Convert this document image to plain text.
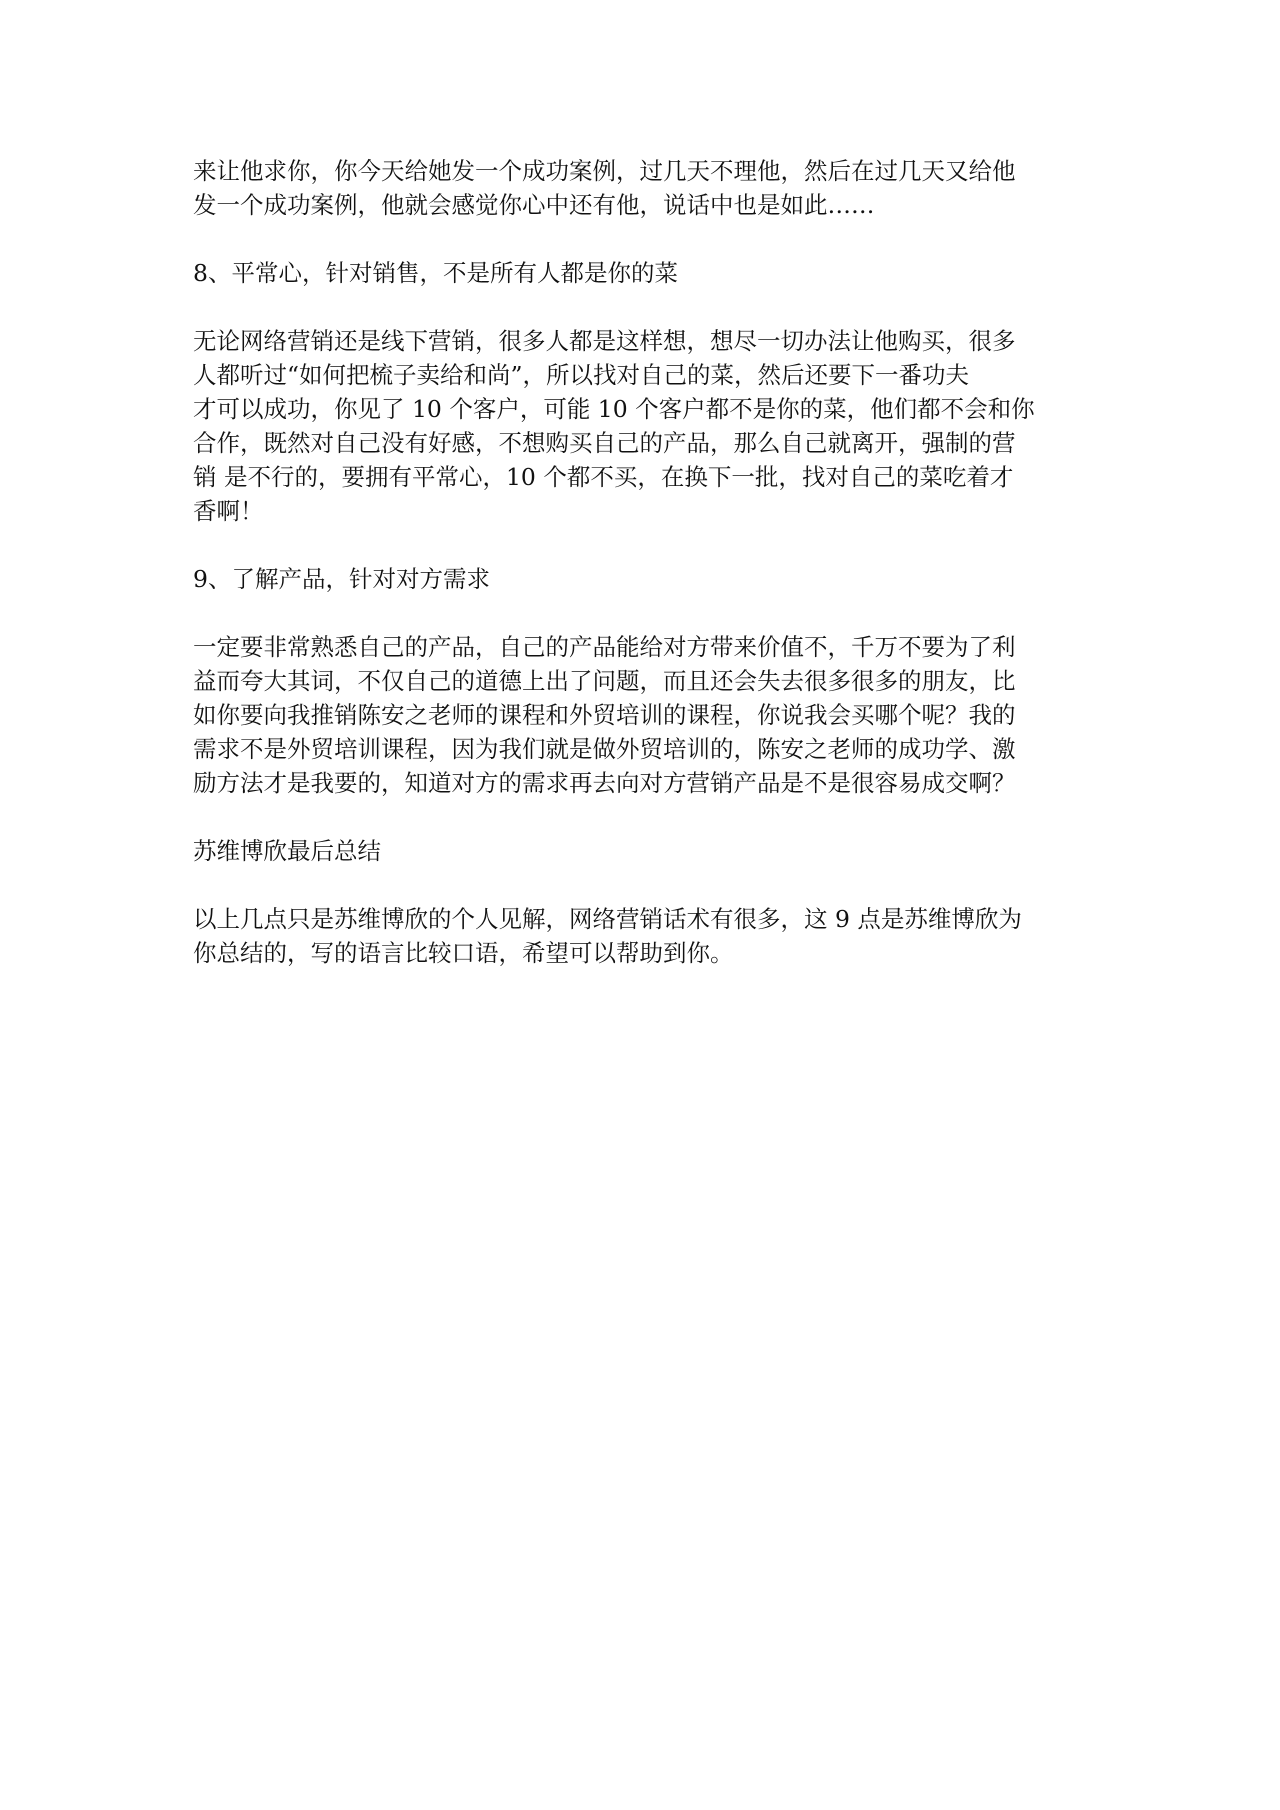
来让他求你，你今天给她发一个成功案例，过几天不理他，然后在过几天又给他
发一个成功案例，他就会感觉你心中还有他，说话中也是如此……

8、平常心，针对销售，不是所有人都是你的菜

无论网络营销还是线下营销，很多人都是这样想，想尽一切办法让他购买，很多
人都听过“如何把梳子卖给和尚”，所以找对自己的菜，然后还要下一番功夫
才可以成功，你见了 10 个客户，可能 10 个客户都不是你的菜，他们都不会和你
合作，既然对自己没有好感，不想购买自己的产品，那么自己就离开，强制的营
销 是不行的，要拥有平常心，10 个都不买，在换下一批，找对自己的菜吃着才
香啊！

9、了解产品，针对对方需求

一定要非常熟悉自己的产品，自己的产品能给对方带来价值不，千万不要为了利
益而夸大其词，不仅自己的道德上出了问题，而且还会失去很多很多的朋友，比
如你要向我推销陈安之老师的课程和外贸培训的课程，你说我会买哪个呢？我的
需求不是外贸培训课程，因为我们就是做外贸培训的，陈安之老师的成功学、激
励方法才是我要的，知道对方的需求再去向对方营销产品是不是很容易成交啊？

苏维博欣最后总结

以上几点只是苏维博欣的个人见解，网络营销话术有很多，这 9 点是苏维博欣为
你总结的，写的语言比较口语，希望可以帮助到你。
